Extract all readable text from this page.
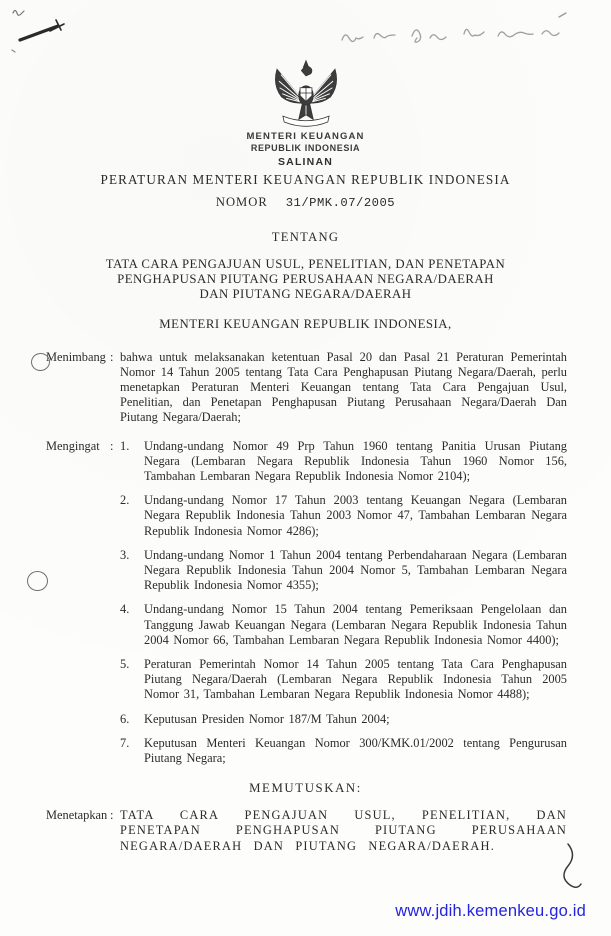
MENTERI KEUANGAN
REPUBLIK INDONESIA
SALINAN
PERATURAN MENTERI KEUANGAN REPUBLIK INDONESIA
NOMOR 31/PMK.07/2005
TENTANG
TATA CARA PENGAJUAN USUL, PENELITIAN, DAN PENETAPAN
PENGHAPUSAN PIUTANG PERUSAHAAN NEGARA/DAERAH
DAN PIUTANG NEGARA/DAERAH
MENTERI KEUANGAN REPUBLIK INDONESIA,
Menimbang : bahwa untuk melaksanakan ketentuan Pasal 20 dan Pasal 21 Peraturan Pemerintah Nomor 14 Tahun 2005 tentang Tata Cara Penghapusan Piutang Negara/Daerah, perlu menetapkan Peraturan Menteri Keuangan tentang Tata Cara Pengajuan Usul, Penelitian, dan Penetapan Penghapusan Piutang Perusahaan Negara/Daerah Dan Piutang Negara/Daerah;
Mengingat : 1.	Undang-undang Nomor 49 Prp Tahun 1960 tentang Panitia Urusan Piutang Negara (Lembaran Negara Republik Indonesia Tahun 1960 Nomor 156, Tambahan Lembaran Negara Republik Indonesia Nomor 2104);
2.	Undang-undang Nomor 17 Tahun 2003 tentang Keuangan Negara (Lembaran Negara Republik Indonesia Tahun 2003 Nomor 47, Tambahan Lembaran Negara Republik Indonesia Nomor 4286);
3.	Undang-undang Nomor 1 Tahun 2004 tentang Perbendaharaan Negara (Lembaran Negara Republik Indonesia Tahun 2004 Nomor 5, Tambahan Lembaran Negara Republik Indonesia Nomor 4355);
4.	Undang-undang Nomor 15 Tahun 2004 tentang Pemeriksaan Pengelolaan dan Tanggung Jawab Keuangan Negara (Lembaran Negara Republik Indonesia Tahun 2004 Nomor 66, Tambahan Lembaran Negara Republik Indonesia Nomor 4400);
5.	Peraturan Pemerintah Nomor 14 Tahun 2005 tentang Tata Cara Penghapusan Piutang Negara/Daerah (Lembaran Negara Republik Indonesia Tahun 2005 Nomor 31, Tambahan Lembaran Negara Republik Indonesia Nomor 4488);
6.	Keputusan Presiden Nomor 187/M Tahun 2004;
7.	Keputusan Menteri Keuangan Nomor 300/KMK.01/2002 tentang Pengurusan Piutang Negara;
MEMUTUSKAN:
Menetapkan : TATA CARA PENGAJUAN USUL, PENELITIAN, DAN PENETAPAN PENGHAPUSAN PIUTANG PERUSAHAAN NEGARA/DAERAH DAN PIUTANG NEGARA/DAERAH.
www.jdih.kemenkeu.go.id
